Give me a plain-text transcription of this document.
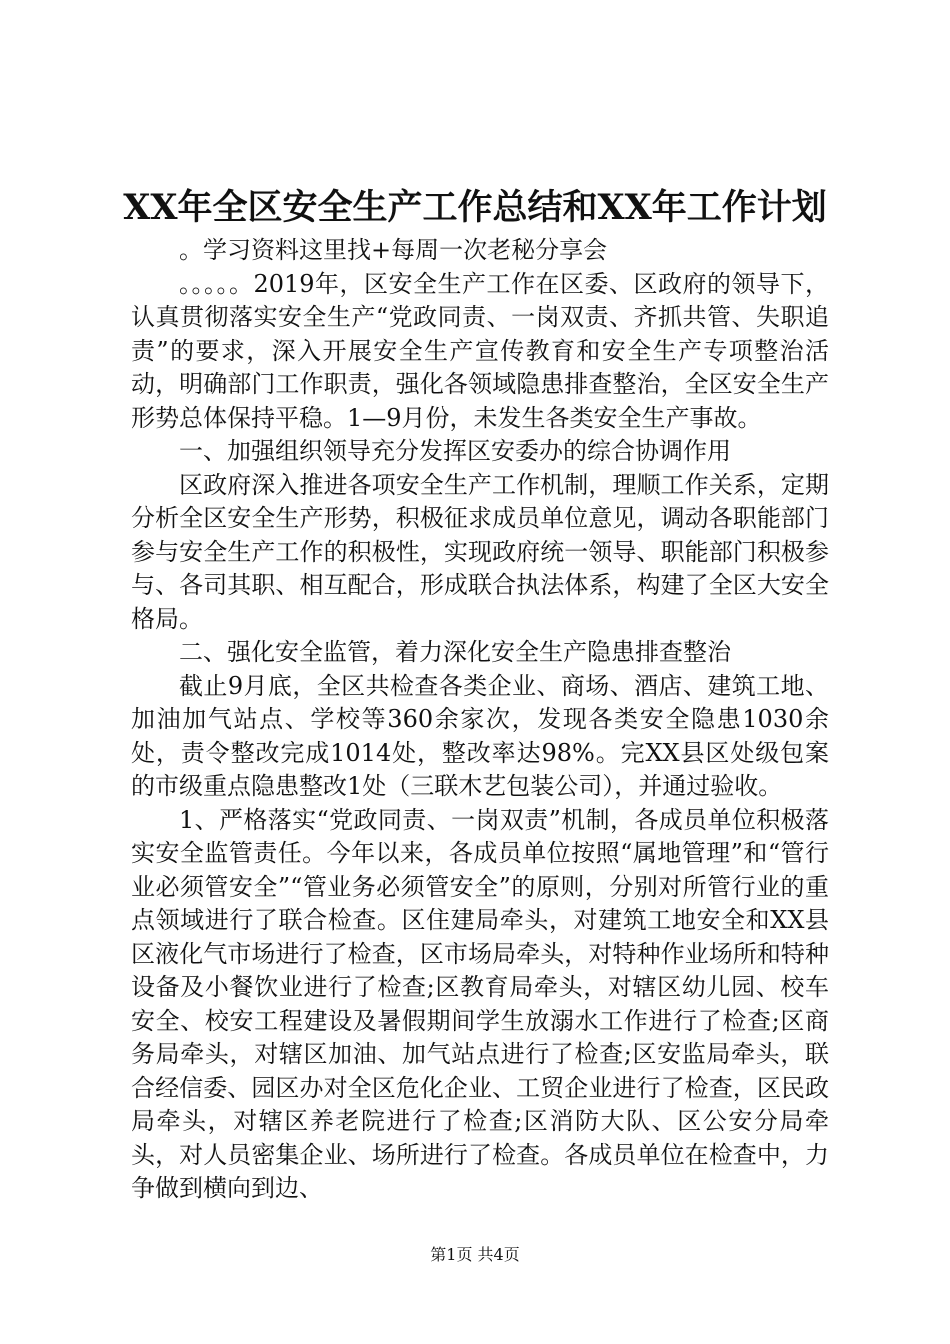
XX年全区安全生产工作总结和XX年工作计划

。学习资料这里找+每周一次老秘分享会

。。。。。2019年，区安全生产工作在区委、区政府的领导下，认真贯彻落实安全生产“党政同责、一岗双责、齐抓共管、失职追责”的要求，深入开展安全生产宣传教育和安全生产专项整治活动，明确部门工作职责，强化各领域隐患排查整治，全区安全生产形势总体保持平稳。1—9月份，未发生各类安全生产事故。

一、加强组织领导充分发挥区安委办的综合协调作用

区政府深入推进各项安全生产工作机制，理顺工作关系，定期分析全区安全生产形势，积极征求成员单位意见，调动各职能部门参与安全生产工作的积极性，实现政府统一领导、职能部门积极参与、各司其职、相互配合，形成联合执法体系，构建了全区大安全格局。

二、强化安全监管，着力深化安全生产隐患排查整治

截止9月底，全区共检查各类企业、商场、酒店、建筑工地、加油加气站点、学校等360余家次，发现各类安全隐患1030余处，责令整改完成1014处，整改率达98%。完XX县区处级包案的市级重点隐患整改1处（三联木艺包装公司），并通过验收。

1、严格落实“党政同责、一岗双责”机制，各成员单位积极落实安全监管责任。今年以来，各成员单位按照“属地管理”和“管行业必须管安全”“管业务必须管安全”的原则，分别对所管行业的重点领域进行了联合检查。区住建局牵头，对建筑工地安全和XX县区液化气市场进行了检查，区市场局牵头，对特种作业场所和特种设备及小餐饮业进行了检查;区教育局牵头，对辖区幼儿园、校车安全、校安工程建设及暑假期间学生放溺水工作进行了检查;区商务局牵头，对辖区加油、加气站点进行了检查;区安监局牵头，联合经信委、园区办对全区危化企业、工贸企业进行了检查，区民政局牵头，对辖区养老院进行了检查;区消防大队、区公安分局牵头，对人员密集企业、场所进行了检查。各成员单位在检查中，力争做到横向到边、

第1页 共4页
